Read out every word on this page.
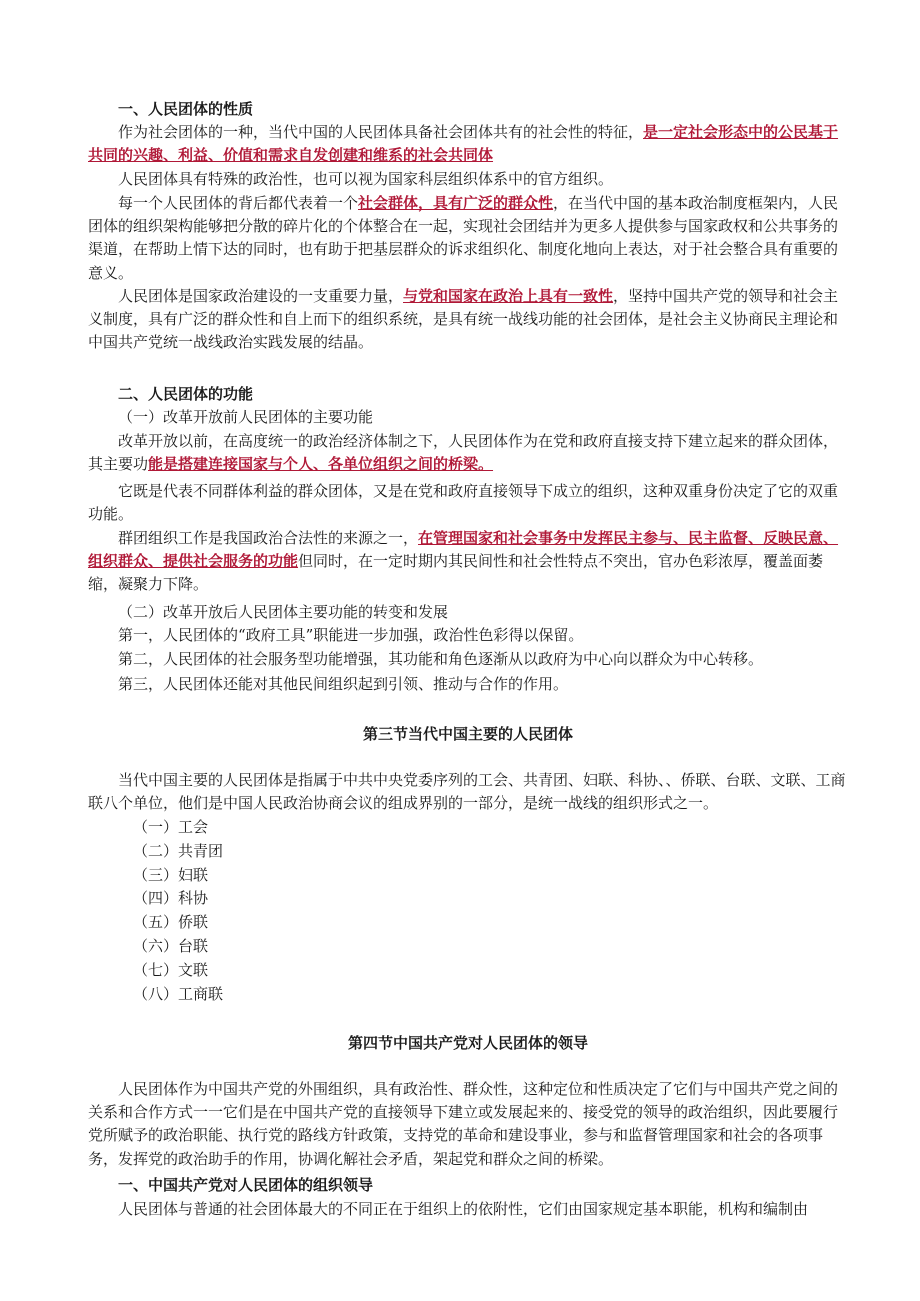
一、人民团体的性质

作为社会团体的一种，当代中国的人民团体具备社会团体共有的社会性的特征，是一定社会形态中的公民基于共同的兴趣、利益、价值和需求自发创建和维系的社会共同体

人民团体具有特殊的政治性，也可以视为国家科层组织体系中的官方组织。

每一个人民团体的背后都代表着一个社会群体，具有广泛的群众性，在当代中国的基本政治制度框架内，人民团体的组织架构能够把分散的碎片化的个体整合在一起，实现社会团结并为更多人提供参与国家政权和公共事务的渠道，在帮助上情下达的同时，也有助于把基层群众的诉求组织化、制度化地向上表达，对于社会整合具有重要的意义。

人民团体是国家政治建设的一支重要力量，与党和国家在政治上具有一致性，坚持中国共产党的领导和社会主义制度，具有广泛的群众性和自上而下的组织系统，是具有统一战线功能的社会团体，是社会主义协商民主理论和中国共产党统一战线政治实践发展的结晶。

二、人民团体的功能

（一）改革开放前人民团体的主要功能

改革开放以前，在高度统一的政治经济体制之下，人民团体作为在党和政府直接支持下建立起来的群众团体，其主要功能是搭建连接国家与个人、各单位组织之间的桥梁。

它既是代表不同群体利益的群众团体，又是在党和政府直接领导下成立的组织，这种双重身份决定了它的双重功能。

群团组织工作是我国政治合法性的来源之一，在管理国家和社会事务中发挥民主参与、民主监督、反映民意、组织群众、提供社会服务的功能但同时，在一定时期内其民间性和社会性特点不突出，官办色彩浓厚，覆盖面萎缩，凝聚力下降。

（二）改革开放后人民团体主要功能的转变和发展

第一，人民团体的“政府工具”职能进一步加强，政治性色彩得以保留。

第二，人民团体的社会服务型功能增强，其功能和角色逐渐从以政府为中心向以群众为中心转移。

第三，人民团体还能对其他民间组织起到引领、推动与合作的作用。

第三节当代中国主要的人民团体

当代中国主要的人民团体是指属于中共中央党委序列的工会、共青团、妇联、科协、、侨联、台联、文联、工商联八个单位，他们是中国人民政治协商会议的组成界别的一部分，是统一战线的组织形式之一。

（一）工会

（二）共青团

（三）妇联

（四）科协

（五）侨联

（六）台联

（七）文联

（八）工商联

第四节中国共产党对人民团体的领导

人民团体作为中国共产党的外围组织，具有政治性、群众性，这种定位和性质决定了它们与中国共产党之间的关系和合作方式一一它们是在中国共产党的直接领导下建立或发展起来的、接受党的领导的政治组织，因此要履行党所赋予的政治职能、执行党的路线方针政策，支持党的革命和建设事业，参与和监督管理国家和社会的各项事务，发挥党的政治助手的作用，协调化解社会矛盾，架起党和群众之间的桥梁。

一、中国共产党对人民团体的组织领导

人民团体与普通的社会团体最大的不同正在于组织上的依附性，它们由国家规定基本职能，机构和编制由
